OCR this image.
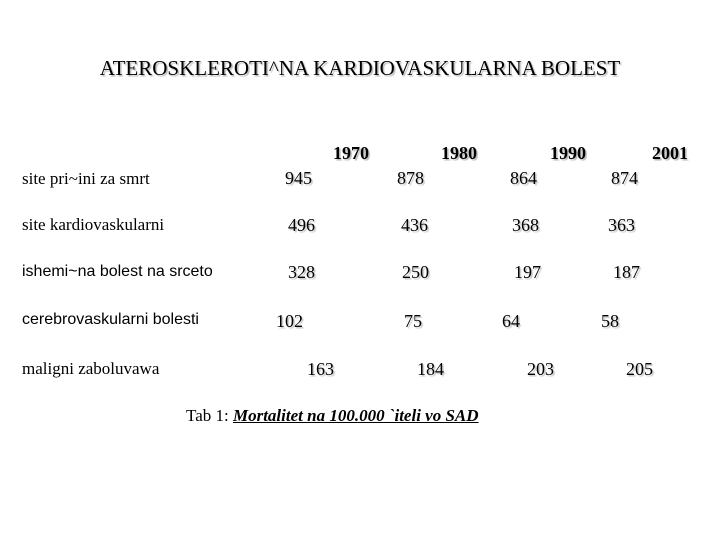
ATEROSKLEROTI^NA KARDIOVASKULARNA BOLEST
1970	1980	1990	2001
site pri~ini za smrt	945	878	864	874
site kardiovaskularni	496	436	368	363
ishemi~na bolest na srceto	328	250	197	187
cerebrovaskularni bolesti	102	75	64	58
maligni zaboluvawa	163	184	203	205
Tab 1: Mortalitet na 100.000 `iteli vo SAD
